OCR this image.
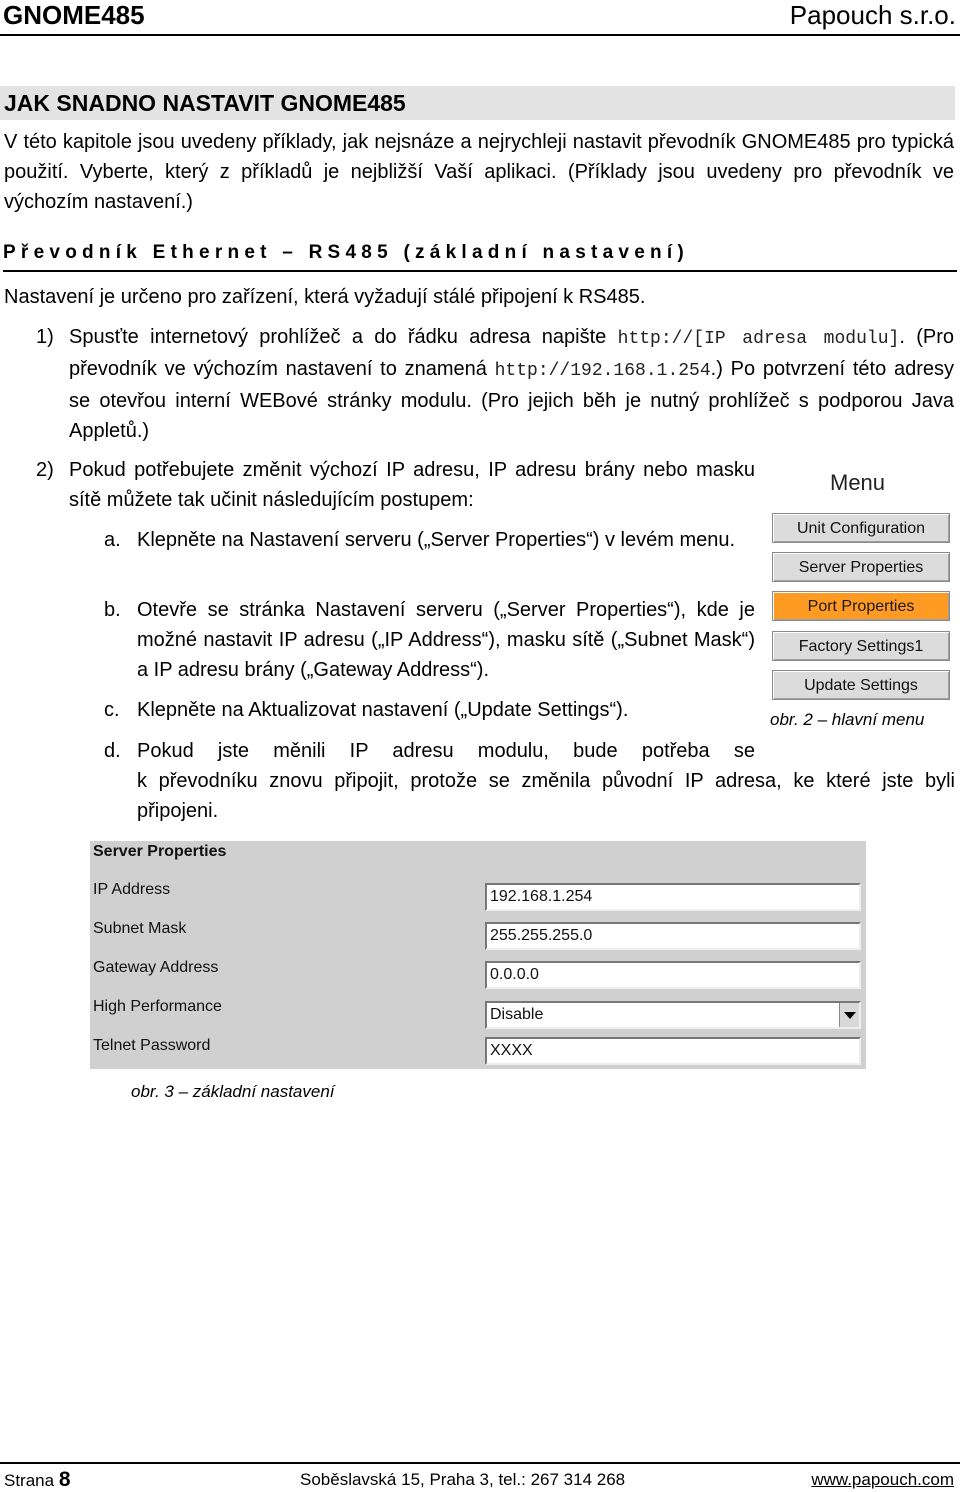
GNOME485	Papouch s.r.o.
JAK SNADNO NASTAVIT GNOME485
V této kapitole jsou uvedeny příklady, jak nejsnáze a nejrychleji nastavit převodník GNOME485 pro typická použití. Vyberte, který z příkladů je nejbližší Vaší aplikaci. (Příklady jsou uvedeny pro převodník ve výchozím nastavení.)
Převodník Ethernet – RS485 (základní nastavení)
Nastavení je určeno pro zařízení, která vyžadují stálé připojení k RS485.
1) Spusťte internetový prohlížeč a do řádku adresa napište http://[IP adresa modulu]. (Pro převodník ve výchozím nastavení to znamená http://192.168.1.254.) Po potvrzení této adresy se otevřou interní WEBové stránky modulu. (Pro jejich běh je nutný prohlížeč s podporou Java Appletů.)
2) Pokud potřebujete změnit výchozí IP adresu, IP adresu brány nebo masku sítě můžete tak učinit následujícím postupem:
a. Klepněte na Nastavení serveru („Server Properties“) v levém menu.
b. Otevře se stránka Nastavení serveru („Server Properties“), kde je možné nastavit IP adresu („IP Address“), masku sítě („Subnet Mask“) a IP adresu brány („Gateway Address“).
c. Klepněte na Aktualizovat nastavení („Update Settings“).
d. Pokud jste měnili IP adresu modulu, bude potřeba se
k převodníku znovu připojit, protože se změnila původní IP adresa, ke které jste byli připojeni.
Menu
Unit Configuration
Server Properties
Port Properties
Factory Settings1
Update Settings
obr. 2 – hlavní menu
Server Properties
IP Address	192.168.1.254
Subnet Mask	255.255.255.0
Gateway Address	0.0.0.0
High Performance	Disable
Telnet Password	XXXX
obr. 3 – základní nastavení
Strana 8	Soběslavská 15, Praha 3, tel.: 267 314 268	www.papouch.com
